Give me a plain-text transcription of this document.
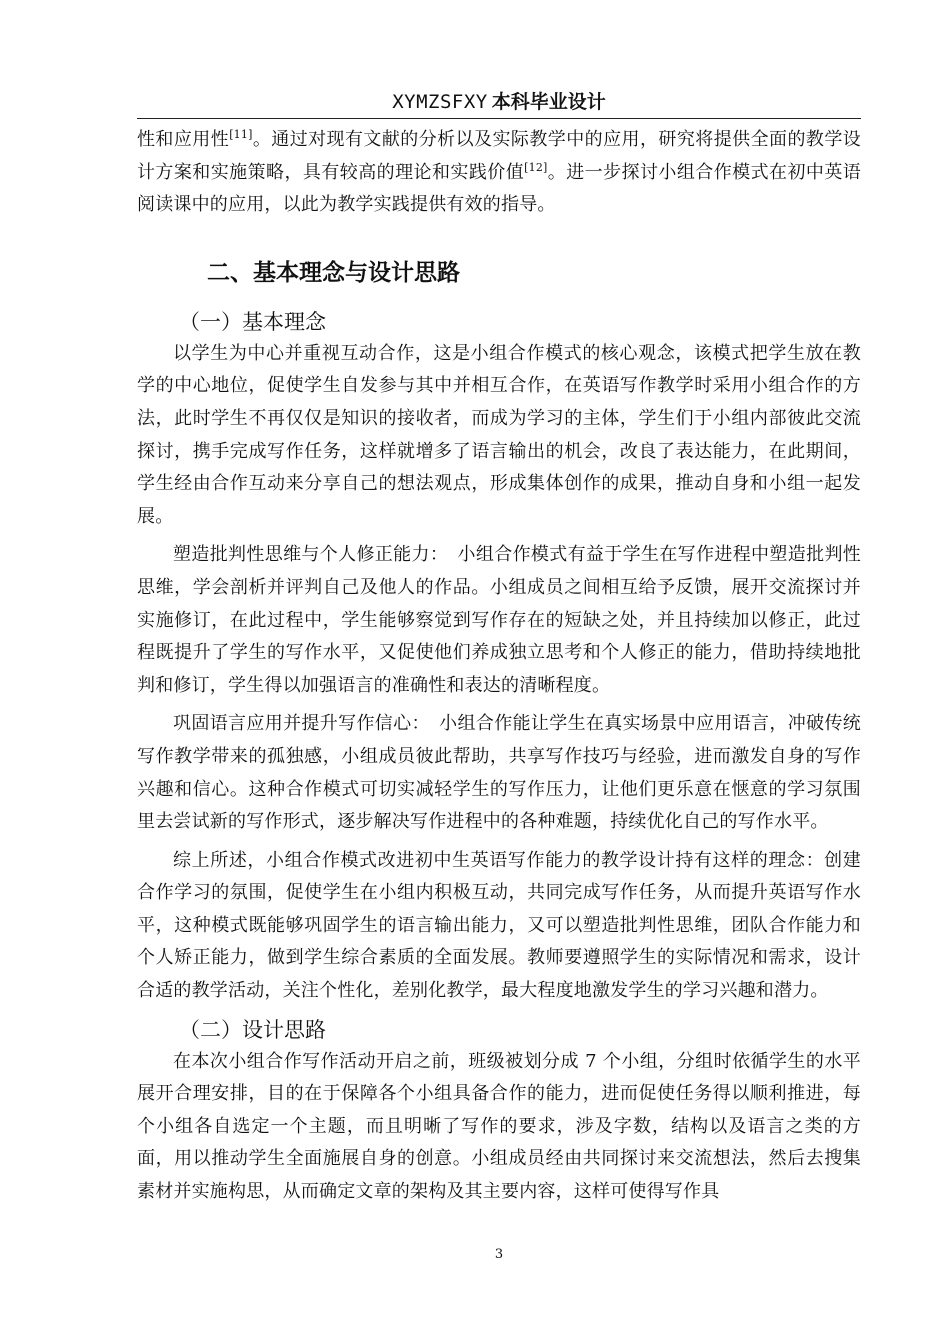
XYMZSFXY 本科毕业设计

性和应用性[11]。通过对现有文献的分析以及实际教学中的应用，研究将提供全面的教学设计方案和实施策略，具有较高的理论和实践价值[12]。进一步探讨小组合作模式在初中英语阅读课中的应用，以此为教学实践提供有效的指导。

二、基本理念与设计思路
（一）基本理念

以学生为中心并重视互动合作，这是小组合作模式的核心观念，该模式把学生放在教学的中心地位，促使学生自发参与其中并相互合作，在英语写作教学时采用小组合作的方法，此时学生不再仅仅是知识的接收者，而成为学习的主体，学生们于小组内部彼此交流探讨，携手完成写作任务，这样就增多了语言输出的机会，改良了表达能力，在此期间，学生经由合作互动来分享自己的想法观点，形成集体创作的成果，推动自身和小组一起发展。

塑造批判性思维与个人修正能力：　小组合作模式有益于学生在写作进程中塑造批判性思维，学会剖析并评判自己及他人的作品。小组成员之间相互给予反馈，展开交流探讨并实施修订，在此过程中，学生能够察觉到写作存在的短缺之处，并且持续加以修正，此过程既提升了学生的写作水平，又促使他们养成独立思考和个人修正的能力，借助持续地批判和修订，学生得以加强语言的准确性和表达的清晰程度。

巩固语言应用并提升写作信心：　小组合作能让学生在真实场景中应用语言，冲破传统写作教学带来的孤独感，小组成员彼此帮助，共享写作技巧与经验，进而激发自身的写作兴趣和信心。这种合作模式可切实减轻学生的写作压力，让他们更乐意在惬意的学习氛围里去尝试新的写作形式，逐步解决写作进程中的各种难题，持续优化自己的写作水平。

综上所述，小组合作模式改进初中生英语写作能力的教学设计持有这样的理念：创建合作学习的氛围，促使学生在小组内积极互动，共同完成写作任务，从而提升英语写作水平，这种模式既能够巩固学生的语言输出能力，又可以塑造批判性思维，团队合作能力和个人矫正能力，做到学生综合素质的全面发展。教师要遵照学生的实际情况和需求，设计合适的教学活动，关注个性化，差别化教学，最大程度地激发学生的学习兴趣和潜力。

（二）设计思路

在本次小组合作写作活动开启之前，班级被划分成 7 个小组，分组时依循学生的水平展开合理安排，目的在于保障各个小组具备合作的能力，进而促使任务得以顺利推进，每个小组各自选定一个主题，而且明晰了写作的要求，涉及字数，结构以及语言之类的方面，用以推动学生全面施展自身的创意。小组成员经由共同探讨来交流想法，然后去搜集素材并实施构思，从而确定文章的架构及其主要内容，这样可使得写作具

3
